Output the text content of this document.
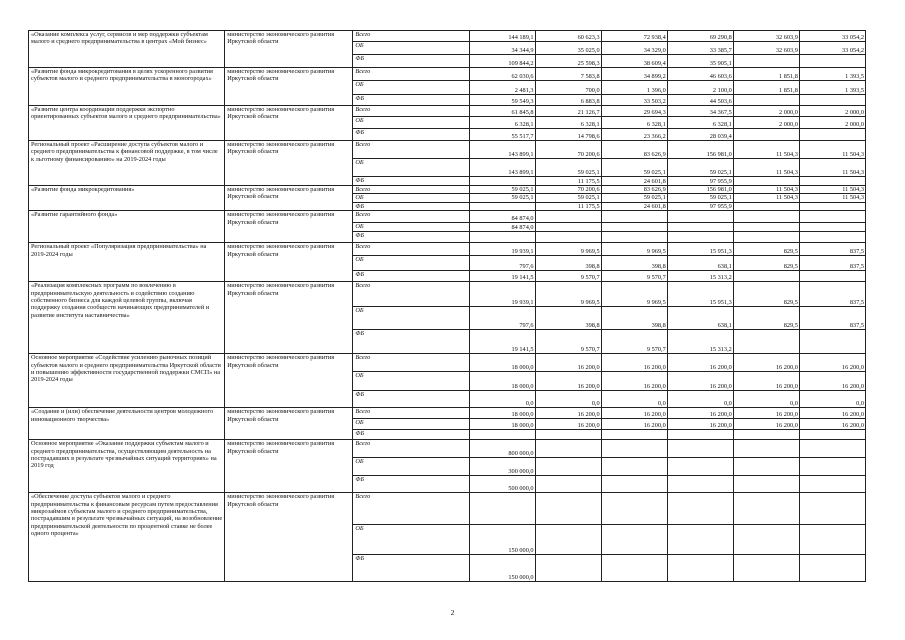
«Оказание комплекса услуг, сервисов и мер поддержки субъектам малого и среднего предпринимательства в центрах «Мой бизнес»	министерство экономического развития Иркутской области	Всего	144 189,1	60 623,3	72 938,4	69 290,8	32 603,9	33 054,2
		ОБ	34 344,9	35 025,0	34 329,0	33 385,7	32 603,9	33 054,2
		ФБ	109 844,2	25 598,3	38 609,4	35 905,1		
«Развитие фонда микрокредитования в целях ускоренного развития субъектов малого и среднего предпринимательства в моногородах»	министерство экономического развития Иркутской области	Всего	62 030,6	7 583,8	34 899,2	46 603,6	1 851,8	1 393,5
		ОБ	2 481,3	700,0	1 396,0	2 100,0	1 851,8	1 393,5
		ФБ	59 549,3	6 883,8	33 503,2	44 503,6		
«Развитие центра координации поддержки экспортно ориентированных субъектов малого и среднего предпринимательства»	министерство экономического развития Иркутской области	Всего	61 845,8	21 126,7	29 694,3	34 367,5	2 000,0	2 000,0
		ОБ	6 328,1	6 328,1	6 328,1	6 328,1	2 000,0	2 000,0
		ФБ	55 517,7	14 798,6	23 366,2	28 039,4		
Региональный проект «Расширение доступа субъектов малого и среднего предпринимательства к финансовой поддержке, в том числе к льготному финансированию» на 2019-2024 годы	министерство экономического развития Иркутской области	Всего	143 899,1	70 200,6	83 626,9	156 981,0	11 504,3	11 504,3
		ОБ	143 899,1	59 025,1	59 025,1	59 025,1	11 504,3	11 504,3
		ФБ		11 175,5	24 601,8	97 955,9		
«Развитие фонда микрокредитования»	министерство экономического развития Иркутской области	Всего	59 025,1	70 200,6	83 626,9	156 981,0	11 504,3	11 504,3
		ОБ	59 025,1	59 025,1	59 025,1	59 025,1	11 504,3	11 504,3
		ФБ		11 175,5	24 601,8	97 955,9		
«Развитие гарантийного фонда»	министерство экономического развития Иркутской области	Всего	84 874,0					
		ОБ	84 874,0					
		ФБ						
Региональный проект «Популяризация предпринимательства» на 2019-2024 годы	министерство экономического развития Иркутской области	Всего	19 939,1	9 969,5	9 969,5	15 951,3	829,5	837,5
		ОБ	797,6	398,8	398,8	638,1	829,5	837,5
		ФБ	19 141,5	9 570,7	9 570,7	15 313,2		
«Реализация комплексных программ по вовлечению в предпринимательскую деятельность и содействию созданию собственного бизнеса для каждой целевой группы, включая поддержку создания сообществ начинающих предпринимателей и развитие института наставничества»	министерство экономического развития Иркутской области	Всего	19 939,1	9 969,5	9 969,5	15 951,3	829,5	837,5
		ОБ	797,6	398,8	398,8	638,1	829,5	837,5
		ФБ	19 141,5	9 570,7	9 570,7	15 313,2		
Основное мероприятие «Содействие усилению рыночных позиций субъектов малого и среднего предпринимательства Иркутской области и повышению эффективности государственной поддержки СМСП» на 2019-2024 годы	министерство экономического развития Иркутской области	Всего	18 000,0	16 200,0	16 200,0	16 200,0	16 200,0	16 200,0
		ОБ	18 000,0	16 200,0	16 200,0	16 200,0	16 200,0	16 200,0
		ФБ	0,0	0,0	0,0	0,0	0,0	0,0
«Создание и (или) обеспечение деятельности центров молодежного инновационного творчества»	министерство экономического развития Иркутской области	Всего	18 000,0	16 200,0	16 200,0	16 200,0	16 200,0	16 200,0
		ОБ	18 000,0	16 200,0	16 200,0	16 200,0	16 200,0	16 200,0
		ФБ						
Основное мероприятие «Оказание поддержки субъектам малого и среднего предпринимательства, осуществляющим деятельность на пострадавших в результате чрезвычайных ситуаций территориях» на 2019 год	министерство экономического развития Иркутской области	Всего	800 000,0					
		ОБ	300 000,0					
		ФБ	500 000,0					
«Обеспечение доступа субъектов малого и среднего предпринимательства к финансовым ресурсам путем предоставления микрозаймов субъектам малого и среднего предпринимательства, пострадавшим в результате чрезвычайных ситуаций, на возобновление предпринимательской деятельности по процентной ставке не более одного процента»	министерство экономического развития Иркутской области	Всего						
		ОБ	150 000,0					
		ФБ	150 000,0					
2
